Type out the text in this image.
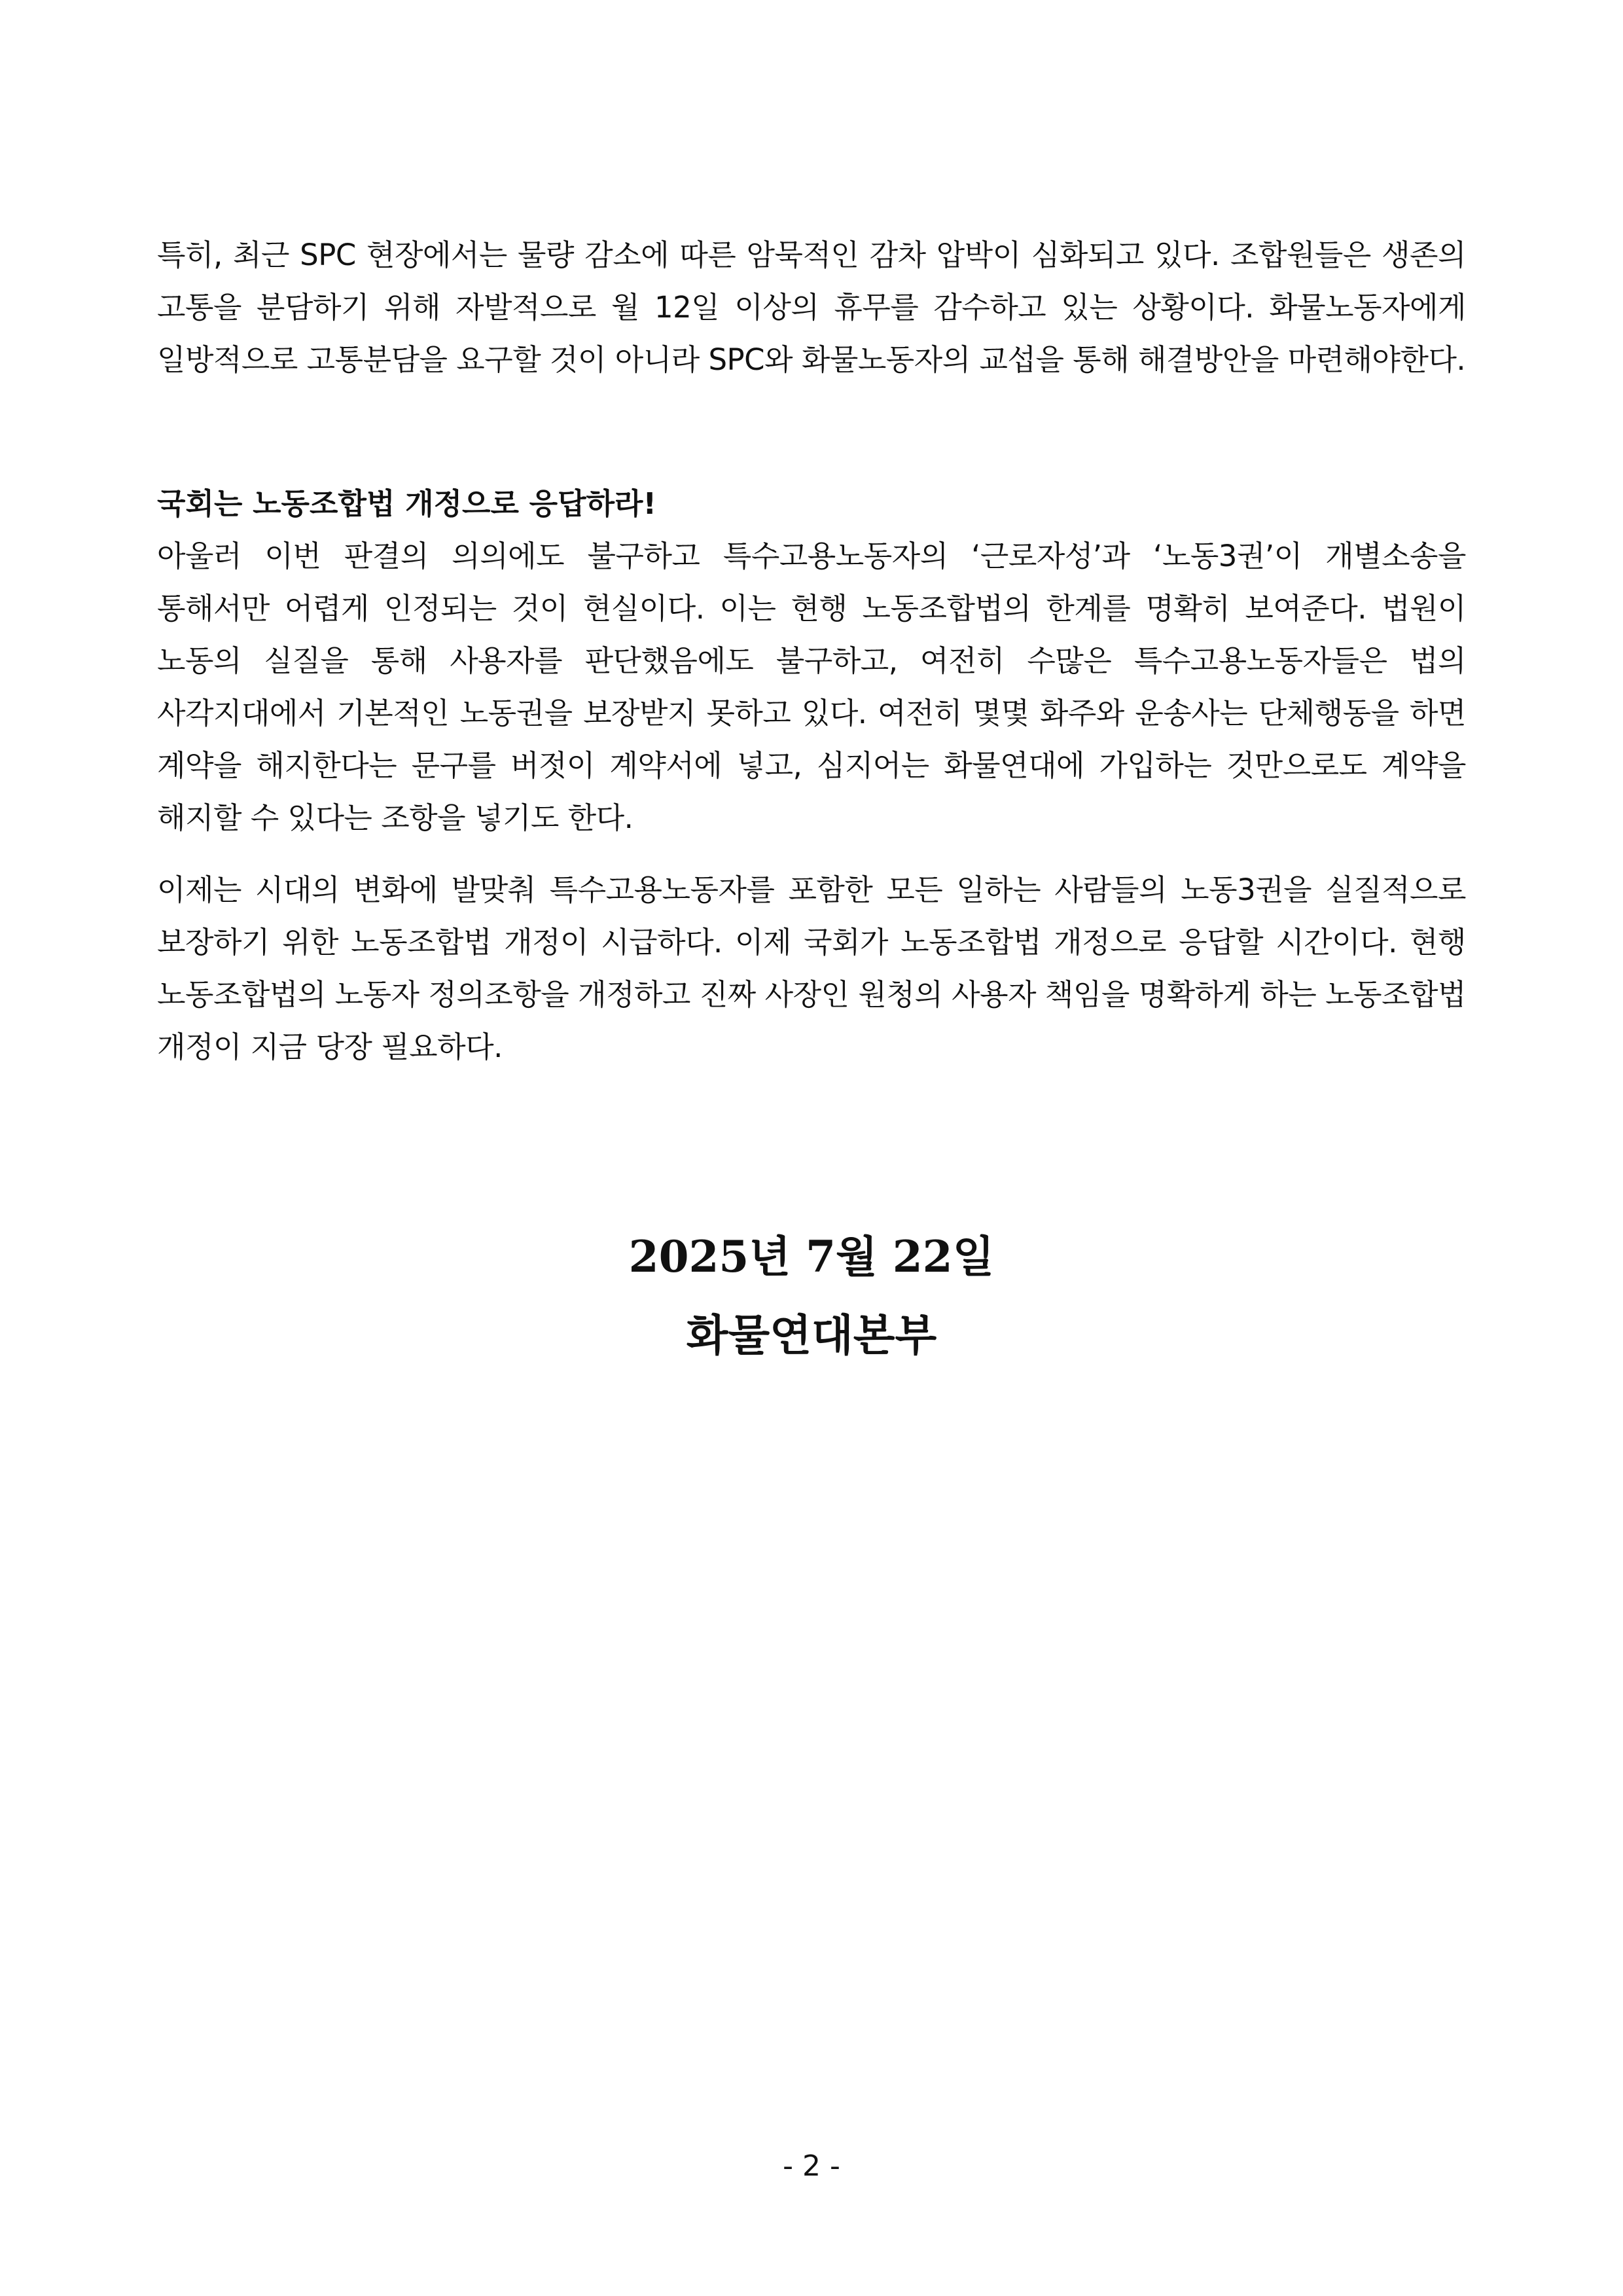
특히, 최근 SPC 현장에서는 물량 감소에 따른 암묵적인 감차 압박이 심화되고 있다. 조합원들은 생존의 고통을 분담하기 위해 자발적으로 월 12일 이상의 휴무를 감수하고 있는 상황이다. 화물노동자에게 일방적으로 고통분담을 요구할 것이 아니라 SPC와 화물노동자의 교섭을 통해 해결방안을 마련해야한다.

국회는 노동조합법 개정으로 응답하라!

아울러 이번 판결의 의의에도 불구하고 특수고용노동자의 ‘근로자성’과 ‘노동3권’이 개별소송을 통해서만 어렵게 인정되는 것이 현실이다. 이는 현행 노동조합법의 한계를 명확히 보여준다. 법원이 노동의 실질을 통해 사용자를 판단했음에도 불구하고, 여전히 수많은 특수고용노동자들은 법의 사각지대에서 기본적인 노동권을 보장받지 못하고 있다. 여전히 몇몇 화주와 운송사는 단체행동을 하면 계약을 해지한다는 문구를 버젓이 계약서에 넣고, 심지어는 화물연대에 가입하는 것만으로도 계약을 해지할 수 있다는 조항을 넣기도 한다.

이제는 시대의 변화에 발맞춰 특수고용노동자를 포함한 모든 일하는 사람들의 노동3권을 실질적으로 보장하기 위한 노동조합법 개정이 시급하다. 이제 국회가 노동조합법 개정으로 응답할 시간이다. 현행 노동조합법의 노동자 정의조항을 개정하고 진짜 사장인 원청의 사용자 책임을 명확하게 하는 노동조합법 개정이 지금 당장 필요하다.

2025년 7월 22일

화물연대본부

- 2 -
